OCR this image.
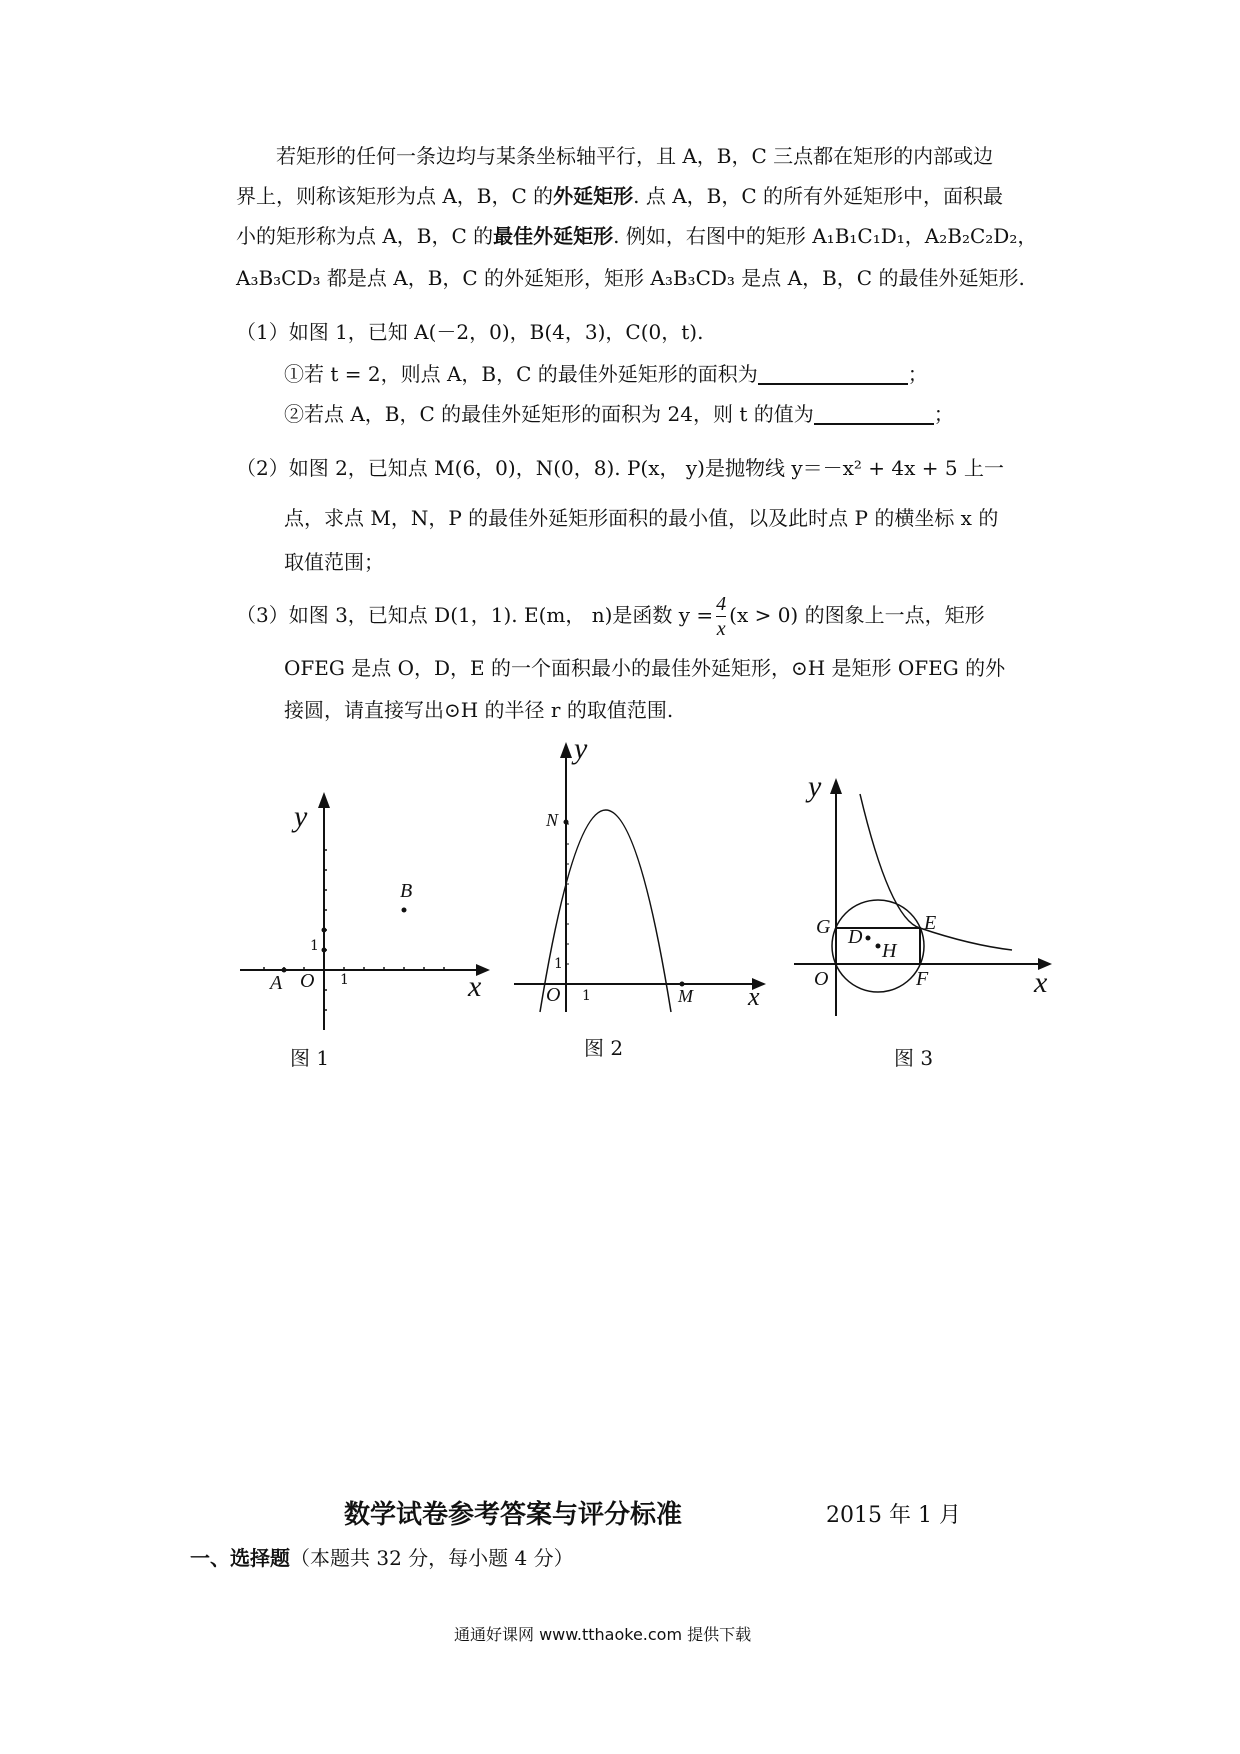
若矩形的任何一条边均与某条坐标轴平行，且 A，B，C 三点都在矩形的内部或边
界上，则称该矩形为点 A，B，C 的外延矩形. 点 A，B，C 的所有外延矩形中，面积最
小的矩形称为点 A，B，C 的最佳外延矩形. 例如，右图中的矩形 A₁B₁C₁D₁，A₂B₂C₂D₂，
A₃B₃CD₃ 都是点 A，B，C 的外延矩形，矩形 A₃B₃CD₃ 是点 A，B，C 的最佳外延矩形.
（1）如图 1，已知 A(－2，0)，B(4，3)，C(0，t).
①若 t = 2，则点 A，B，C 的最佳外延矩形的面积为	；
②若点 A，B，C 的最佳外延矩形的面积为 24，则 t 的值为	；
（2）如图 2，已知点 M(6，0)，N(0，8). P(x， y)是抛物线 y＝－x² + 4x + 5 上一
点，求点 M，N，P 的最佳外延矩形面积的最小值，以及此时点 P 的横坐标 x 的
取值范围；
（3）如图 3，已知点 D(1，1). E(m， n)是函数 $y = \frac{4}{x} (x > 0)$ 的图象上一点，矩形
OFEG 是点 O，D，E 的一个面积最小的最佳外延矩形，⊙H 是矩形 OFEG 的外
接圆，请直接写出⊙H 的半径 r 的取值范围.
y
x
O
A
B
1
1
图 1
y
x
O
N
M
1
1
图 2
y
x
O
G	E
D
H
F
图 3
数学试卷参考答案与评分标准	2015 年 1 月
一、选择题（本题共 32 分，每小题 4 分）
通通好课网 www.tthaoke.com 提供下载
